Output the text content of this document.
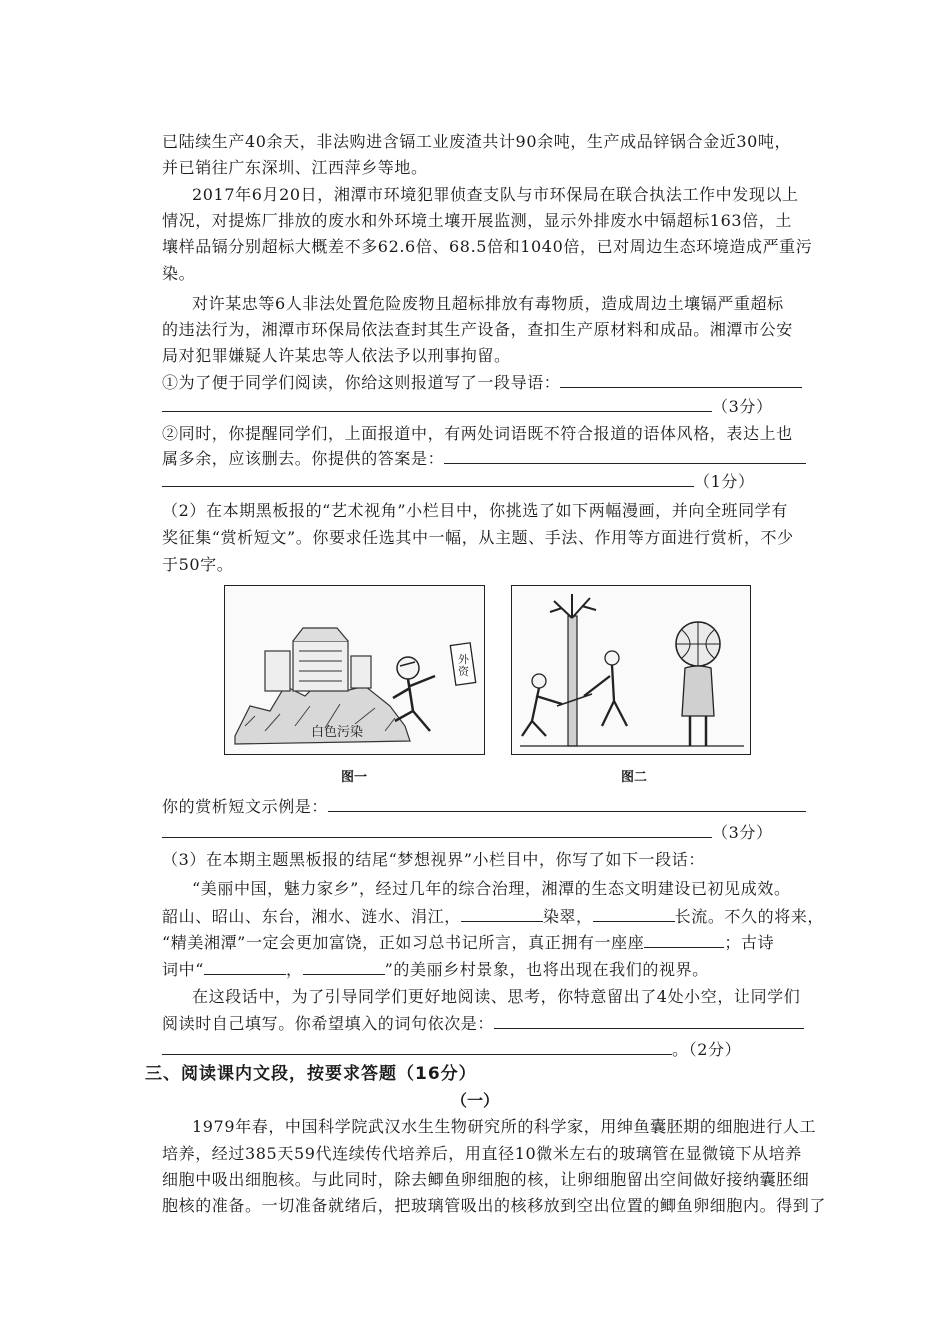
已陆续生产40余天，非法购进含镉工业废渣共计90余吨，生产成品锌锅合金近30吨，
并已销往广东深圳、江西萍乡等地。
2017年6月20日，湘潭市环境犯罪侦查支队与市环保局在联合执法工作中发现以上
情况，对提炼厂排放的废水和外环境土壤开展监测，显示外排废水中镉超标163倍，土
壤样品镉分别超标大概差不多62.6倍、68.5倍和1040倍，已对周边生态环境造成严重污
染。
对许某忠等6人非法处置危险废物且超标排放有毒物质，造成周边土壤镉严重超标
的违法行为，湘潭市环保局依法查封其生产设备，查扣生产原材料和成品。湘潭市公安
局对犯罪嫌疑人许某忠等人依法予以刑事拘留。
①为了便于同学们阅读，你给这则报道写了一段导语：
（3分）
②同时，你提醒同学们，上面报道中，有两处词语既不符合报道的语体风格，表达上也
属多余，应该删去。你提供的答案是：
（1分）
（2）在本期黑板报的“艺术视角”小栏目中，你挑选了如下两幅漫画，并向全班同学有
奖征集“赏析短文”。你要求任选其中一幅，从主题、手法、作用等方面进行赏析，不少
于50字。
白色污染
外资
图一	图二
你的赏析短文示例是：
（3分）
（3）在本期主题黑板报的结尾“梦想视界”小栏目中，你写了如下一段话：
“美丽中国，魅力家乡”，经过几年的综合治理，湘潭的生态文明建设已初见成效。
韶山、昭山、东台，湘水、涟水、涓江，	染翠，	长流。不久的将来，
“精美湘潭”一定会更加富饶，正如习总书记所言，真正拥有一座座	；古诗
词中“	，	”的美丽乡村景象，也将出现在我们的视界。
在这段话中，为了引导同学们更好地阅读、思考，你特意留出了4处小空，让同学们
阅读时自己填写。你希望填入的词句依次是：
。（2分）
三、阅读课内文段，按要求答题（16分）
（一）
1979年春，中国科学院武汉水生生物研究所的科学家，用绅鱼囊胚期的细胞进行人工
培养，经过385天59代连续传代培养后，用直径10微米左右的玻璃管在显微镜下从培养
细胞中吸出细胞核。与此同时，除去鲫鱼卵细胞的核，让卵细胞留出空间做好接纳囊胚细
胞核的准备。一切准备就绪后，把玻璃管吸出的核移放到空出位置的鲫鱼卵细胞内。得到了
